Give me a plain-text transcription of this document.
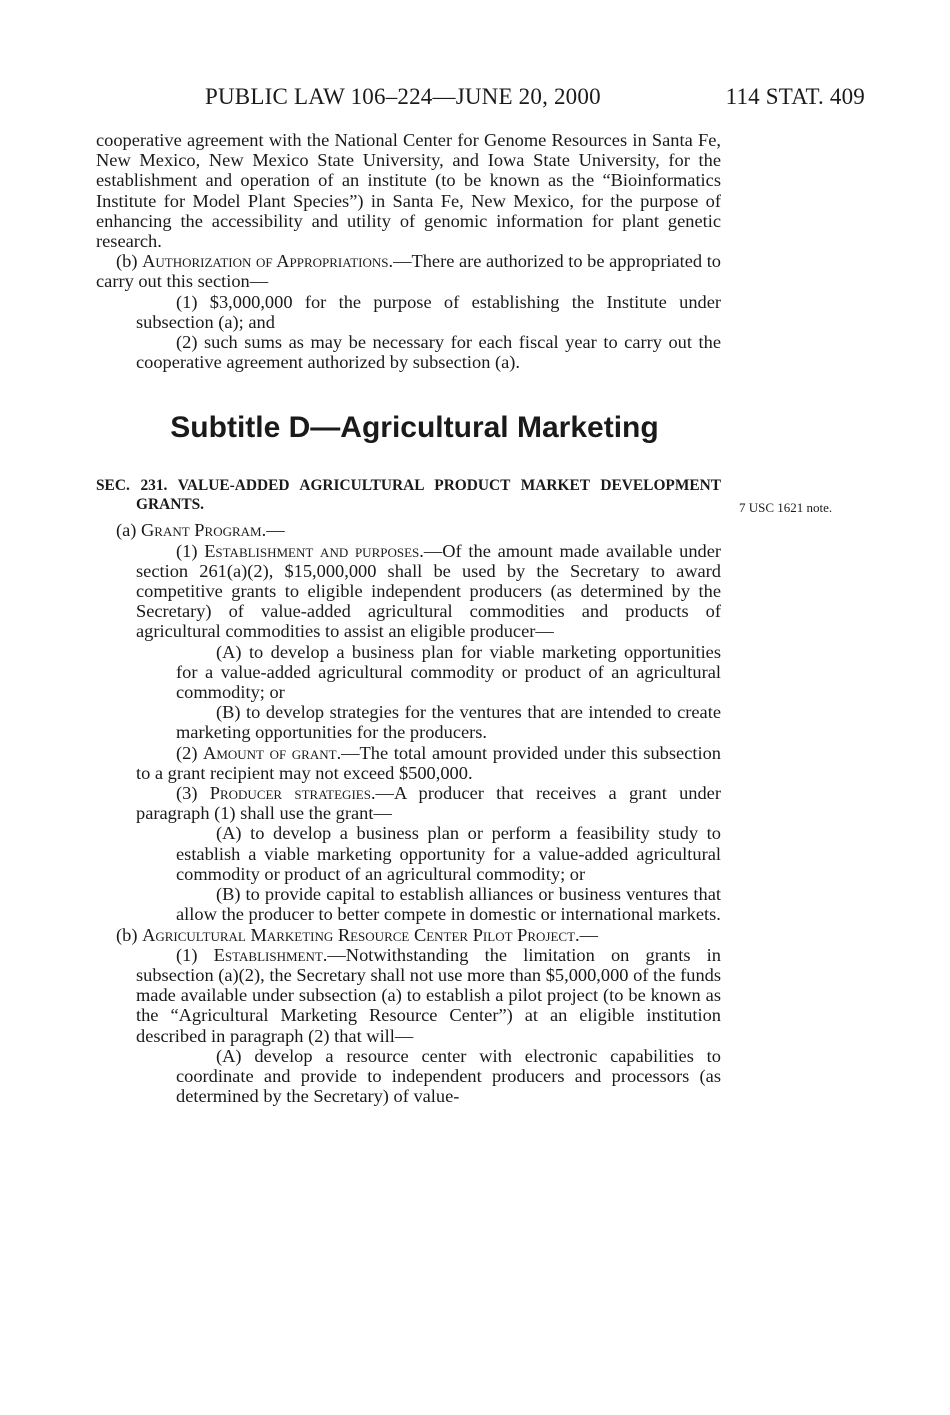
PUBLIC LAW 106–224—JUNE 20, 2000	114 STAT. 409
7 USC 1621 note.

cooperative agreement with the National Center for Genome Resources in Santa Fe, New Mexico, New Mexico State University, and Iowa State University, for the establishment and operation of an institute (to be known as the “Bioinformatics Institute for Model Plant Species”) in Santa Fe, New Mexico, for the purpose of enhancing the accessibility and utility of genomic information for plant genetic research.

(b) Authorization of Appropriations.—There are authorized to be appropriated to carry out this section—

(1) $3,000,000 for the purpose of establishing the Institute under subsection (a); and

(2) such sums as may be necessary for each fiscal year to carry out the cooperative agreement authorized by subsection (a).

Subtitle D—Agricultural Marketing

SEC. 231. VALUE-ADDED AGRICULTURAL PRODUCT MARKET DEVELOPMENT GRANTS.

(a) Grant Program.—

(1) Establishment and purposes.—Of the amount made available under section 261(a)(2), $15,000,000 shall be used by the Secretary to award competitive grants to eligible independent producers (as determined by the Secretary) of value-added agricultural commodities and products of agricultural commodities to assist an eligible producer—

(A) to develop a business plan for viable marketing opportunities for a value-added agricultural commodity or product of an agricultural commodity; or

(B) to develop strategies for the ventures that are intended to create marketing opportunities for the producers.

(2) Amount of grant.—The total amount provided under this subsection to a grant recipient may not exceed $500,000.

(3) Producer strategies.—A producer that receives a grant under paragraph (1) shall use the grant—

(A) to develop a business plan or perform a feasibility study to establish a viable marketing opportunity for a value-added agricultural commodity or product of an agricultural commodity; or

(B) to provide capital to establish alliances or business ventures that allow the producer to better compete in domestic or international markets.

(b) Agricultural Marketing Resource Center Pilot Project.—

(1) Establishment.—Notwithstanding the limitation on grants in subsection (a)(2), the Secretary shall not use more than $5,000,000 of the funds made available under subsection (a) to establish a pilot project (to be known as the “Agricultural Marketing Resource Center”) at an eligible institution described in paragraph (2) that will—

(A) develop a resource center with electronic capabilities to coordinate and provide to independent producers and processors (as determined by the Secretary) of value-
